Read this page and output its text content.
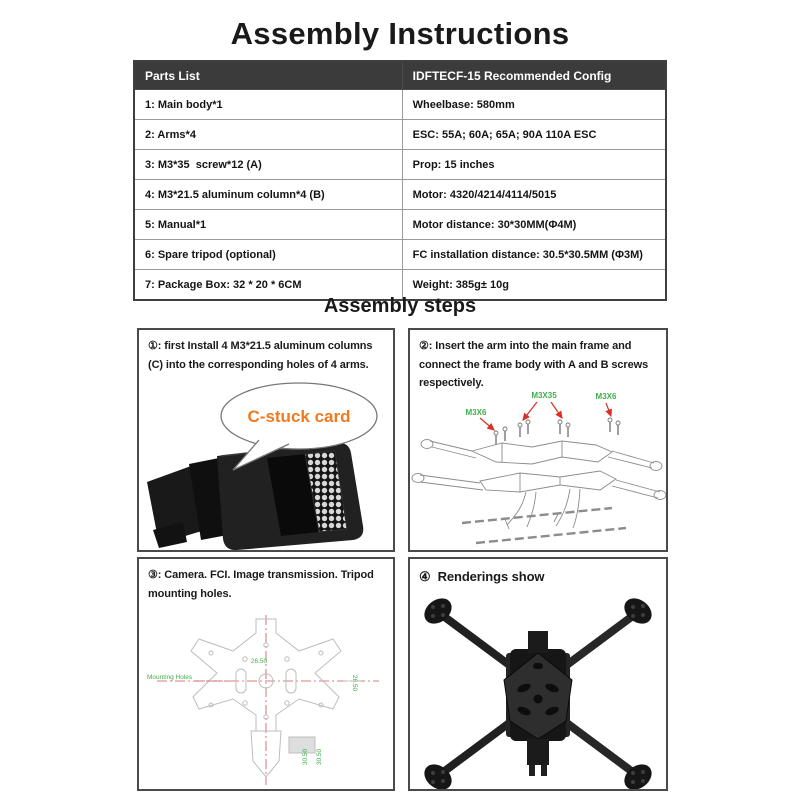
Assembly Instructions
Parts List	IDFTECF-15 Recommended Config
1: Main body*1	Wheelbase: 580mm
2: Arms*4	ESC: 55A; 60A; 65A; 90A 110A ESC
3: M3*35  screw*12 (A)	Prop: 15 inches
4: M3*21.5 aluminum column*4 (B)	Motor: 4320/4214/4114/5015
5: Manual*1	Motor distance: 30*30MM(Φ4M)
6: Spare tripod (optional)	FC installation distance: 30.5*30.5MM (Φ3M)
7: Package Box: 32 * 20 * 6CM	Weight: 385g± 10g
Assembly steps
①: first Install 4 M3*21.5 aluminum columns (C) into the corresponding holes of 4 arms.
C-stuck card
②: Insert the arm into the main frame and connect the frame body with A and B screws respectively.
M3X6
M3X35	M3X6
③: Camera. FCI. Image transmission. Tripod mounting holes.
26.50
26.50
30.50 30.50
Mounting Holes
④  Renderings show
